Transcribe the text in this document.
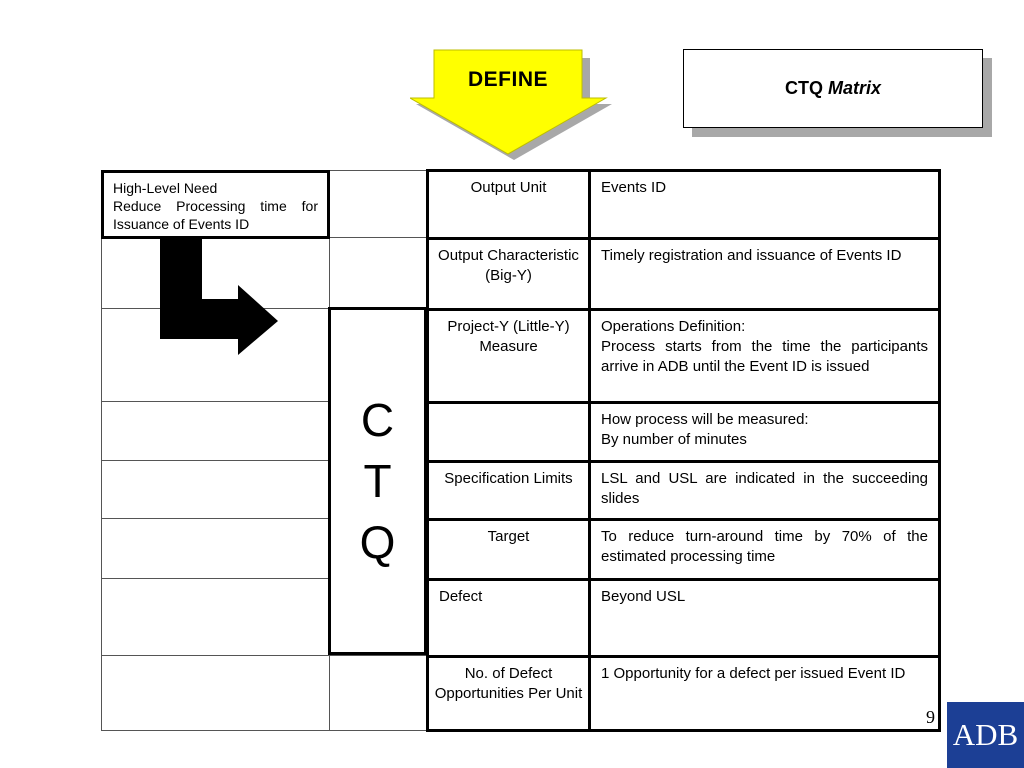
DEFINE	CTQ Matrix
High-Level Need
Reduce Processing time for Issuance of Events ID
C
T
Q
Output Unit
Output Characteristic (Big-Y)
Project-Y (Little-Y) Measure
Specification Limits
Target
Defect
No. of Defect Opportunities Per Unit
Events ID
Timely registration and issuance of Events ID
Operations Definition:
Process starts from the time the participants arrive in ADB until the Event ID is issued
How process will be measured:
By number of minutes
LSL and USL are indicated in the succeeding slides
To reduce turn-around time by 70% of the estimated processing time
Beyond USL
1 Opportunity for a defect per issued Event ID
9 ADB
